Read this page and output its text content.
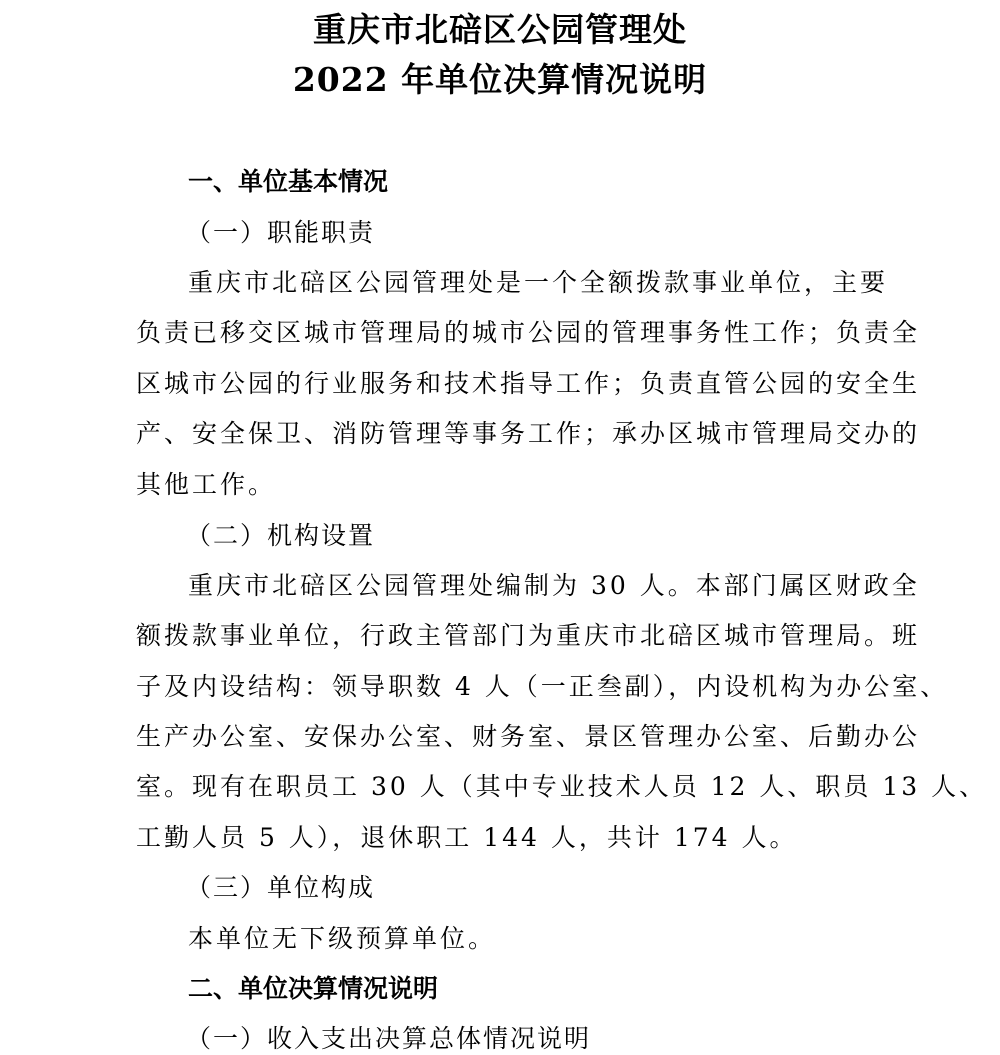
重庆市北碚区公园管理处
2022 年单位决算情况说明
一、单位基本情况
（一）职能职责
重庆市北碚区公园管理处是一个全额拨款事业单位，主要
负责已移交区城市管理局的城市公园的管理事务性工作；负责全
区城市公园的行业服务和技术指导工作；负责直管公园的安全生
产、安全保卫、消防管理等事务工作；承办区城市管理局交办的
其他工作。
（二）机构设置
重庆市北碚区公园管理处编制为 30 人。本部门属区财政全
额拨款事业单位，行政主管部门为重庆市北碚区城市管理局。班
子及内设结构：领导职数 4 人（一正叁副），内设机构为办公室、
生产办公室、安保办公室、财务室、景区管理办公室、后勤办公
室。现有在职员工 30 人（其中专业技术人员 12 人、职员 13 人、
工勤人员 5 人），退休职工 144 人，共计 174 人。
（三）单位构成
本单位无下级预算单位。
二、单位决算情况说明
（一）收入支出决算总体情况说明
